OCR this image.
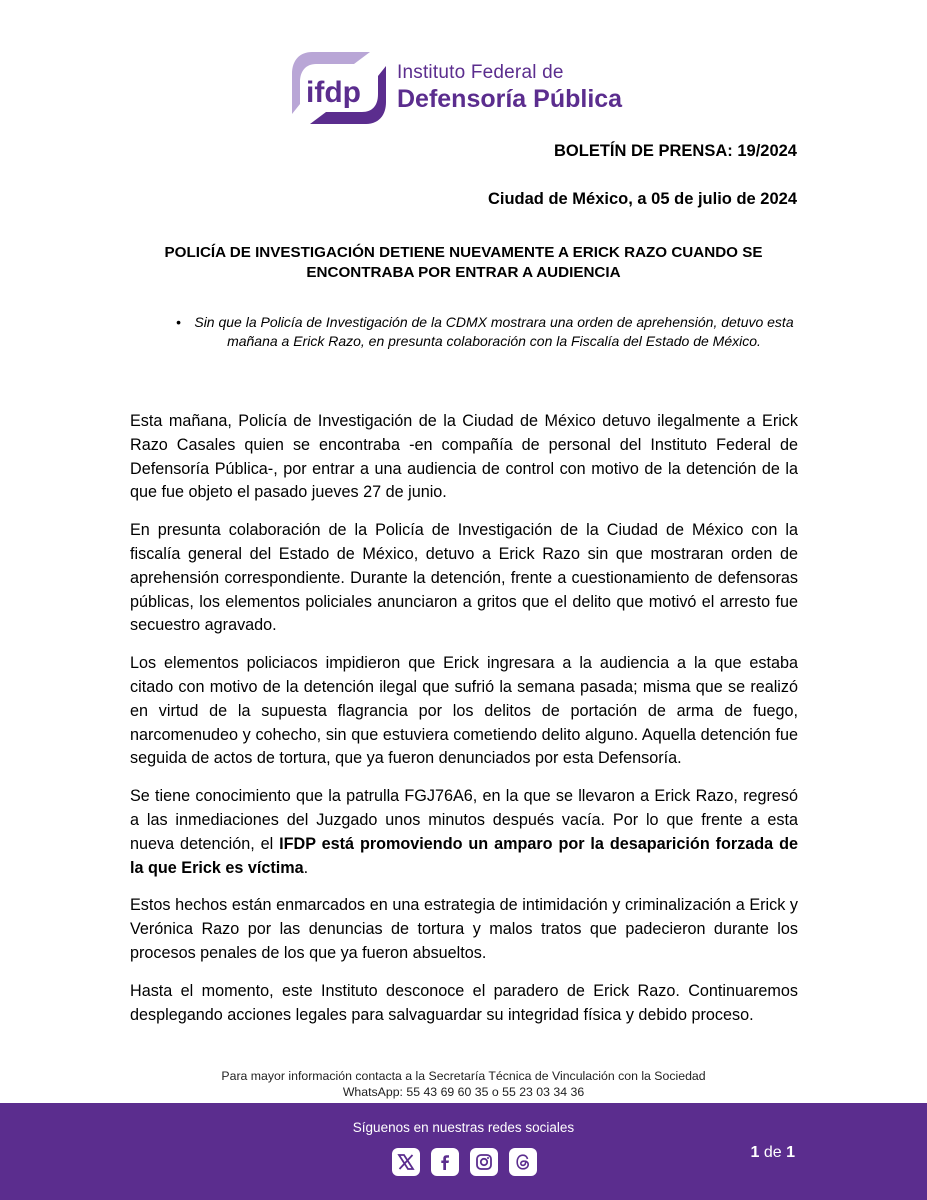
ifdp
Instituto Federal de
Defensoría Pública
BOLETÍN DE PRENSA: 19/2024
Ciudad de México, a 05 de julio de 2024
POLICÍA DE INVESTIGACIÓN DETIENE NUEVAMENTE A ERICK RAZO CUANDO SE ENCONTRABA POR ENTRAR A AUDIENCIA
• Sin que la Policía de Investigación de la CDMX mostrara una orden de aprehensión, detuvo esta mañana a Erick Razo, en presunta colaboración con la Fiscalía del Estado de México.

Esta mañana, Policía de Investigación de la Ciudad de México detuvo ilegalmente a Erick Razo Casales quien se encontraba -en compañía de personal del Instituto Federal de Defensoría Pública-, por entrar a una audiencia de control con motivo de la detención de la que fue objeto el pasado jueves 27 de junio.

En presunta colaboración de la Policía de Investigación de la Ciudad de México con la fiscalía general del Estado de México, detuvo a Erick Razo sin que mostraran orden de aprehensión correspondiente. Durante la detención, frente a cuestionamiento de defensoras públicas, los elementos policiales anunciaron a gritos que el delito que motivó el arresto fue secuestro agravado.

Los elementos policiacos impidieron que Erick ingresara a la audiencia a la que estaba citado con motivo de la detención ilegal que sufrió la semana pasada; misma que se realizó en virtud de la supuesta flagrancia por los delitos de portación de arma de fuego, narcomenudeo y cohecho, sin que estuviera cometiendo delito alguno. Aquella detención fue seguida de actos de tortura, que ya fueron denunciados por esta Defensoría.

Se tiene conocimiento que la patrulla FGJ76A6, en la que se llevaron a Erick Razo, regresó a las inmediaciones del Juzgado unos minutos después vacía. Por lo que frente a esta nueva detención, el IFDP está promoviendo un amparo por la desaparición forzada de la que Erick es víctima.

Estos hechos están enmarcados en una estrategia de intimidación y criminalización a Erick y Verónica Razo por las denuncias de tortura y malos tratos que padecieron durante los procesos penales de los que ya fueron absueltos.

Hasta el momento, este Instituto desconoce el paradero de Erick Razo. Continuaremos desplegando acciones legales para salvaguardar su integridad física y debido proceso.

Para mayor información contacta a la Secretaría Técnica de Vinculación con la Sociedad
WhatsApp: 55 43 69 60 35 o 55 23 03 34 36
Síguenos en nuestras redes sociales
1 de 1
